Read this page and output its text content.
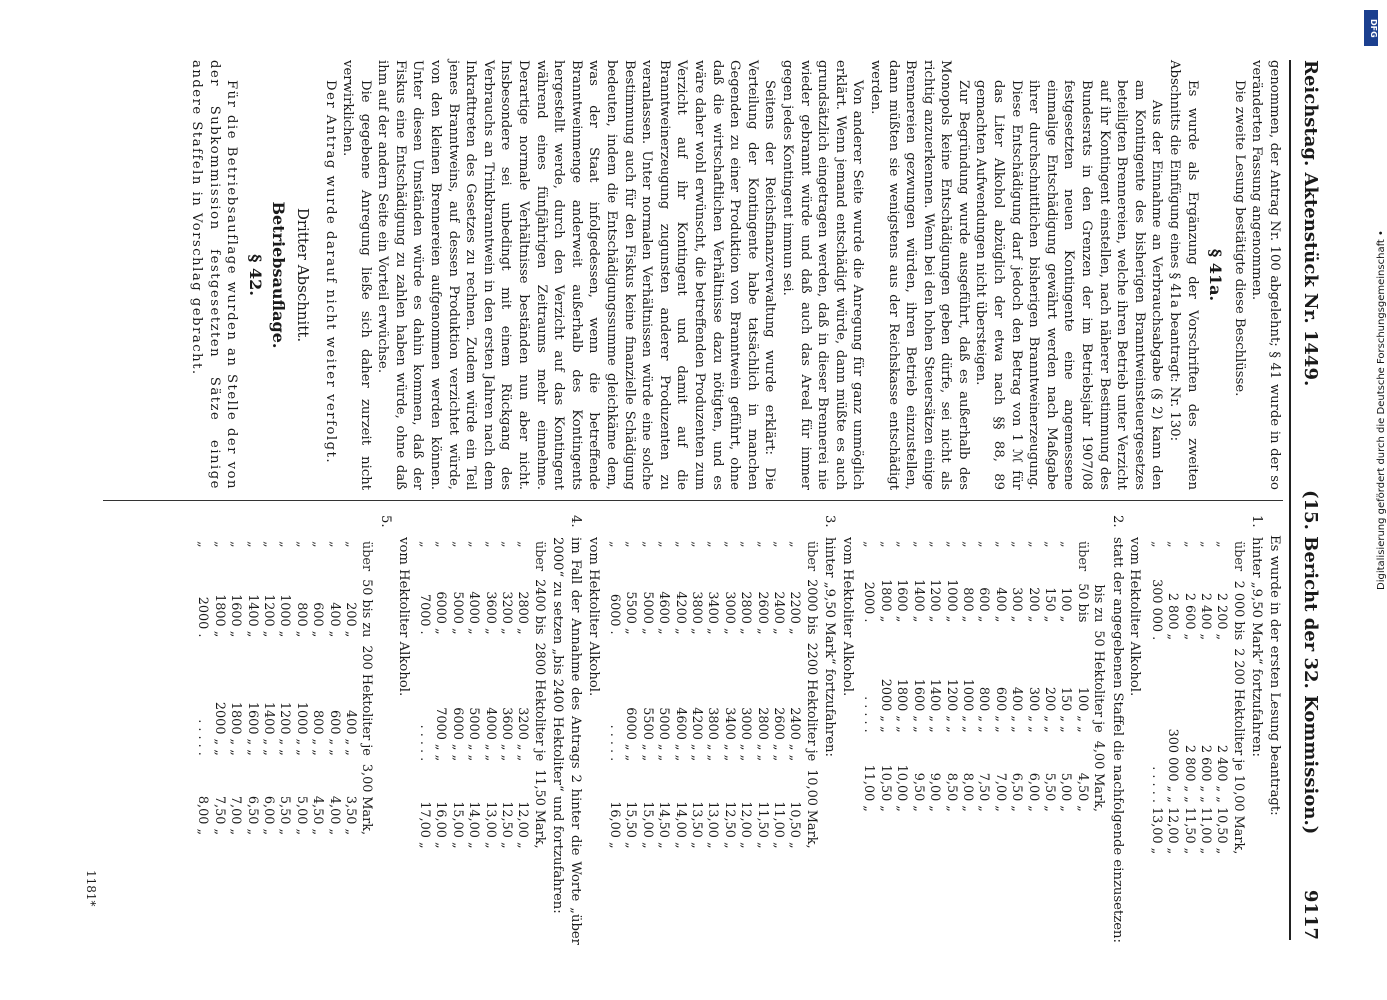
Reichstag. Aktenstück Nr. 1449.
(15. Bericht der 32. Kommission.)
9117

genommen, der Antrag Nr. 100 abgelehnt; § 41 wurde in der so veränderten Fassung angenommen.

Die zweite Lesung bestätigte diese Beschlüsse.

§ 41a.

Es wurde als Ergänzung der Vorschriften des zweiten Abschnitts die Einfügung eines § 41a beantragt: Nr. 130:

Aus der Einnahme an Verbrauchsabgabe (§ 2) kann den am Kontingente des bisherigen Branntweinsteuergesetzes beteiligten Brennereien, welche ihren Betrieb unter Verzicht auf ihr Kontingent einstellen, nach näherer Bestimmung des Bundesrats in den Grenzen der im Betriebsjahr 1907/08 festgesetzten neuen Kontingente eine angemessene einmalige Entschädigung gewährt werden nach Maßgabe ihrer durchschnittlichen bisherigen Branntweinerzeugung. Diese Entschädigung darf jedoch den Betrag von 1 ℳ für das Liter Alkohol abzüglich der etwa nach §§ 88, 89 gemachten Aufwendungen nicht übersteigen.

Zur Begründung wurde ausgeführt, daß es außerhalb des Monopols keine Entschädigungen geben dürfe, sei nicht als richtig anzuerkennen. Wenn bei den hohen Steuersätzen einige Brennereien gezwungen würden, ihren Betrieb einzustellen, dann müßten sie wenigstens aus der Reichskasse entschädigt werden.

Von anderer Seite wurde die Anregung für ganz unmöglich erklärt. Wenn jemand entschädigt würde, dann müßte es auch grundsätzlich eingetragen werden, daß in dieser Brennerei nie wieder gebrannt würde und daß auch das Areal für immer gegen jedes Kontingent immun sei.

Seitens der Reichsfinanzverwaltung wurde erklärt: Die Verteilung der Kontingente habe tatsächlich in manchen Gegenden zu einer Produktion von Branntwein geführt, ohne daß die wirtschaftlichen Verhältnisse dazu nötigten, und es wäre daher wohl erwünscht, die betreffenden Produzenten zum Verzicht auf ihr Kontingent und damit auf die Branntweinerzeugung zugunsten anderer Produzenten zu veranlassen. Unter normalen Verhältnissen würde eine solche Bestimmung auch für den Fiskus keine finanzielle Schädigung bedeuten, indem die Entschädigungssumme gleichkäme dem, was der Staat infolgedessen, wenn die betreffende Branntweinmenge anderweit außerhalb des Kontingents hergestellt werde, durch den Verzicht auf das Kontingent während eines fünfjährigen Zeitraums mehr einnehme. Derartige normale Verhältnisse beständen nun aber nicht. Insbesondere sei unbedingt mit einem Rückgang des Verbrauchs an Trinkbranntwein in den ersten Jahren nach dem Inkrafttreten des Gesetzes zu rechnen. Zudem würde ein Teil jenes Branntweins, auf dessen Produktion verzichtet würde, von den kleinen Brennereien aufgenommen werden können. Unter diesen Umständen würde es dahin kommen, daß der Fiskus eine Entschädigung zu zahlen haben würde, ohne daß ihm auf der andern Seite ein Vorteil erwüchse.

Die gegebene Anregung ließe sich daher zurzeit nicht verwirklichen.

Der Antrag wurde darauf nicht weiter verfolgt.

Dritter Abschnitt.
Betriebsauflage.
§ 42.

Für die Betriebsauflage wurden an Stelle der von der Subkommission festgesetzten Sätze einige andere Staffeln in Vorschlag gebracht.

Es wurde in der ersten Lesung beantragt:

1.
hinter „9,50 Mark“ fortzufahren:
über	2 000 bis	2 200 Hektoliter je 10,00 Mark,
„	2 200 „	2 400 „ „ 10,50 „
„	2 400 „	2 600 „ „ 11,00 „
„	2 600 „	2 800 „ „ 11,50 „
„	2 800 „	300 000 „ „ 12,00 „
„	300 000 .	. . . . . 13,00 „

vom Hektoliter Alkohol.

2.
statt der angegebenen Staffel die nachfolgende einzusetzen:
	bis zu	50 Hektoliter je	4,00 Mark,
über	50 bis	100 „ „	4,50 „
„	100 „	150 „ „	5,00 „
„	150 „	200 „ „	5,50 „
„	200 „	300 „ „	6,00 „
„	300 „	400 „ „	6,50 „
„	400 „	600 „ „	7,00 „
„	600 „	800 „ „	7,50 „
„	800 „	1000 „ „	8,00 „
„	1000 „	1200 „ „	8,50 „
„	1200 „	1400 „ „	9,00 „
„	1400 „	1600 „ „	9,50 „
„	1600 „	1800 „ „	10,00 „
„	1800 „	2000 „ „	10,50 „
„	2000 .	. . . . .	11,00 „

vom Hektoliter Alkohol.

3.
hinter „9,50 Mark“ fortzufahren:
über	2000 bis	2200 Hektoliter je	10,00 Mark,
„	2200 „	2400 „ „	10,50 „
„	2400 „	2600 „ „	11,00 „
„	2600 „	2800 „ „	11,50 „
„	2800 „	3000 „ „	12,00 „
„	3000 „	3400 „ „	12,50 „
„	3400 „	3800 „ „	13,00 „
„	3800 „	4200 „ „	13,50 „
„	4200 „	4600 „ „	14,00 „
„	4600 „	5000 „ „	14,50 „
„	5000 „	5500 „ „	15,00 „
„	5500 „	6000 „ „	15,50 „
„	6000 .	. . . . .	16,00 „

vom Hektoliter Alkohol.

4.
im Fall der Annahme des Antrags 2 hinter die Worte „über 2000“ zu setzen „bis 2400 Hektoliter“ und fortzufahren:
über	2400 bis	2800 Hektoliter je	11,50 Mark,
„	2800 „	3200 „ „	12,00 „
„	3200 „	3600 „ „	12,50 „
„	3600 „	4000 „ „	13,00 „
„	4000 „	5000 „ „	14,00 „
„	5000 „	6000 „ „	15,00 „
„	6000 „	7000 „ „	16,00 „
„	7000 .	. . . . .	17,00 „

vom Hektoliter Alkohol.

5.
über	50 bis zu	200 Hektoliter je	3,00 Mark,
„	200 „	400 „ „	3,50 „
„	400 „	600 „ „	4,00 „
„	600 „	800 „ „	4,50 „
„	800 „	1000 „ „	5,00 „
„	1000 „	1200 „ „	5,50 „
„	1200 „	1400 „ „	6,00 „
„	1400 „	1600 „ „	6,50 „
„	1600 „	1800 „ „	7,00 „
„	1800 „	2000 „ „	7,50 „
„	2000 .	. . . . .	8,00 „
1181*
DFG
Digitalisierung gefördert durch die Deutsche Forschungsgemeinschaft •
